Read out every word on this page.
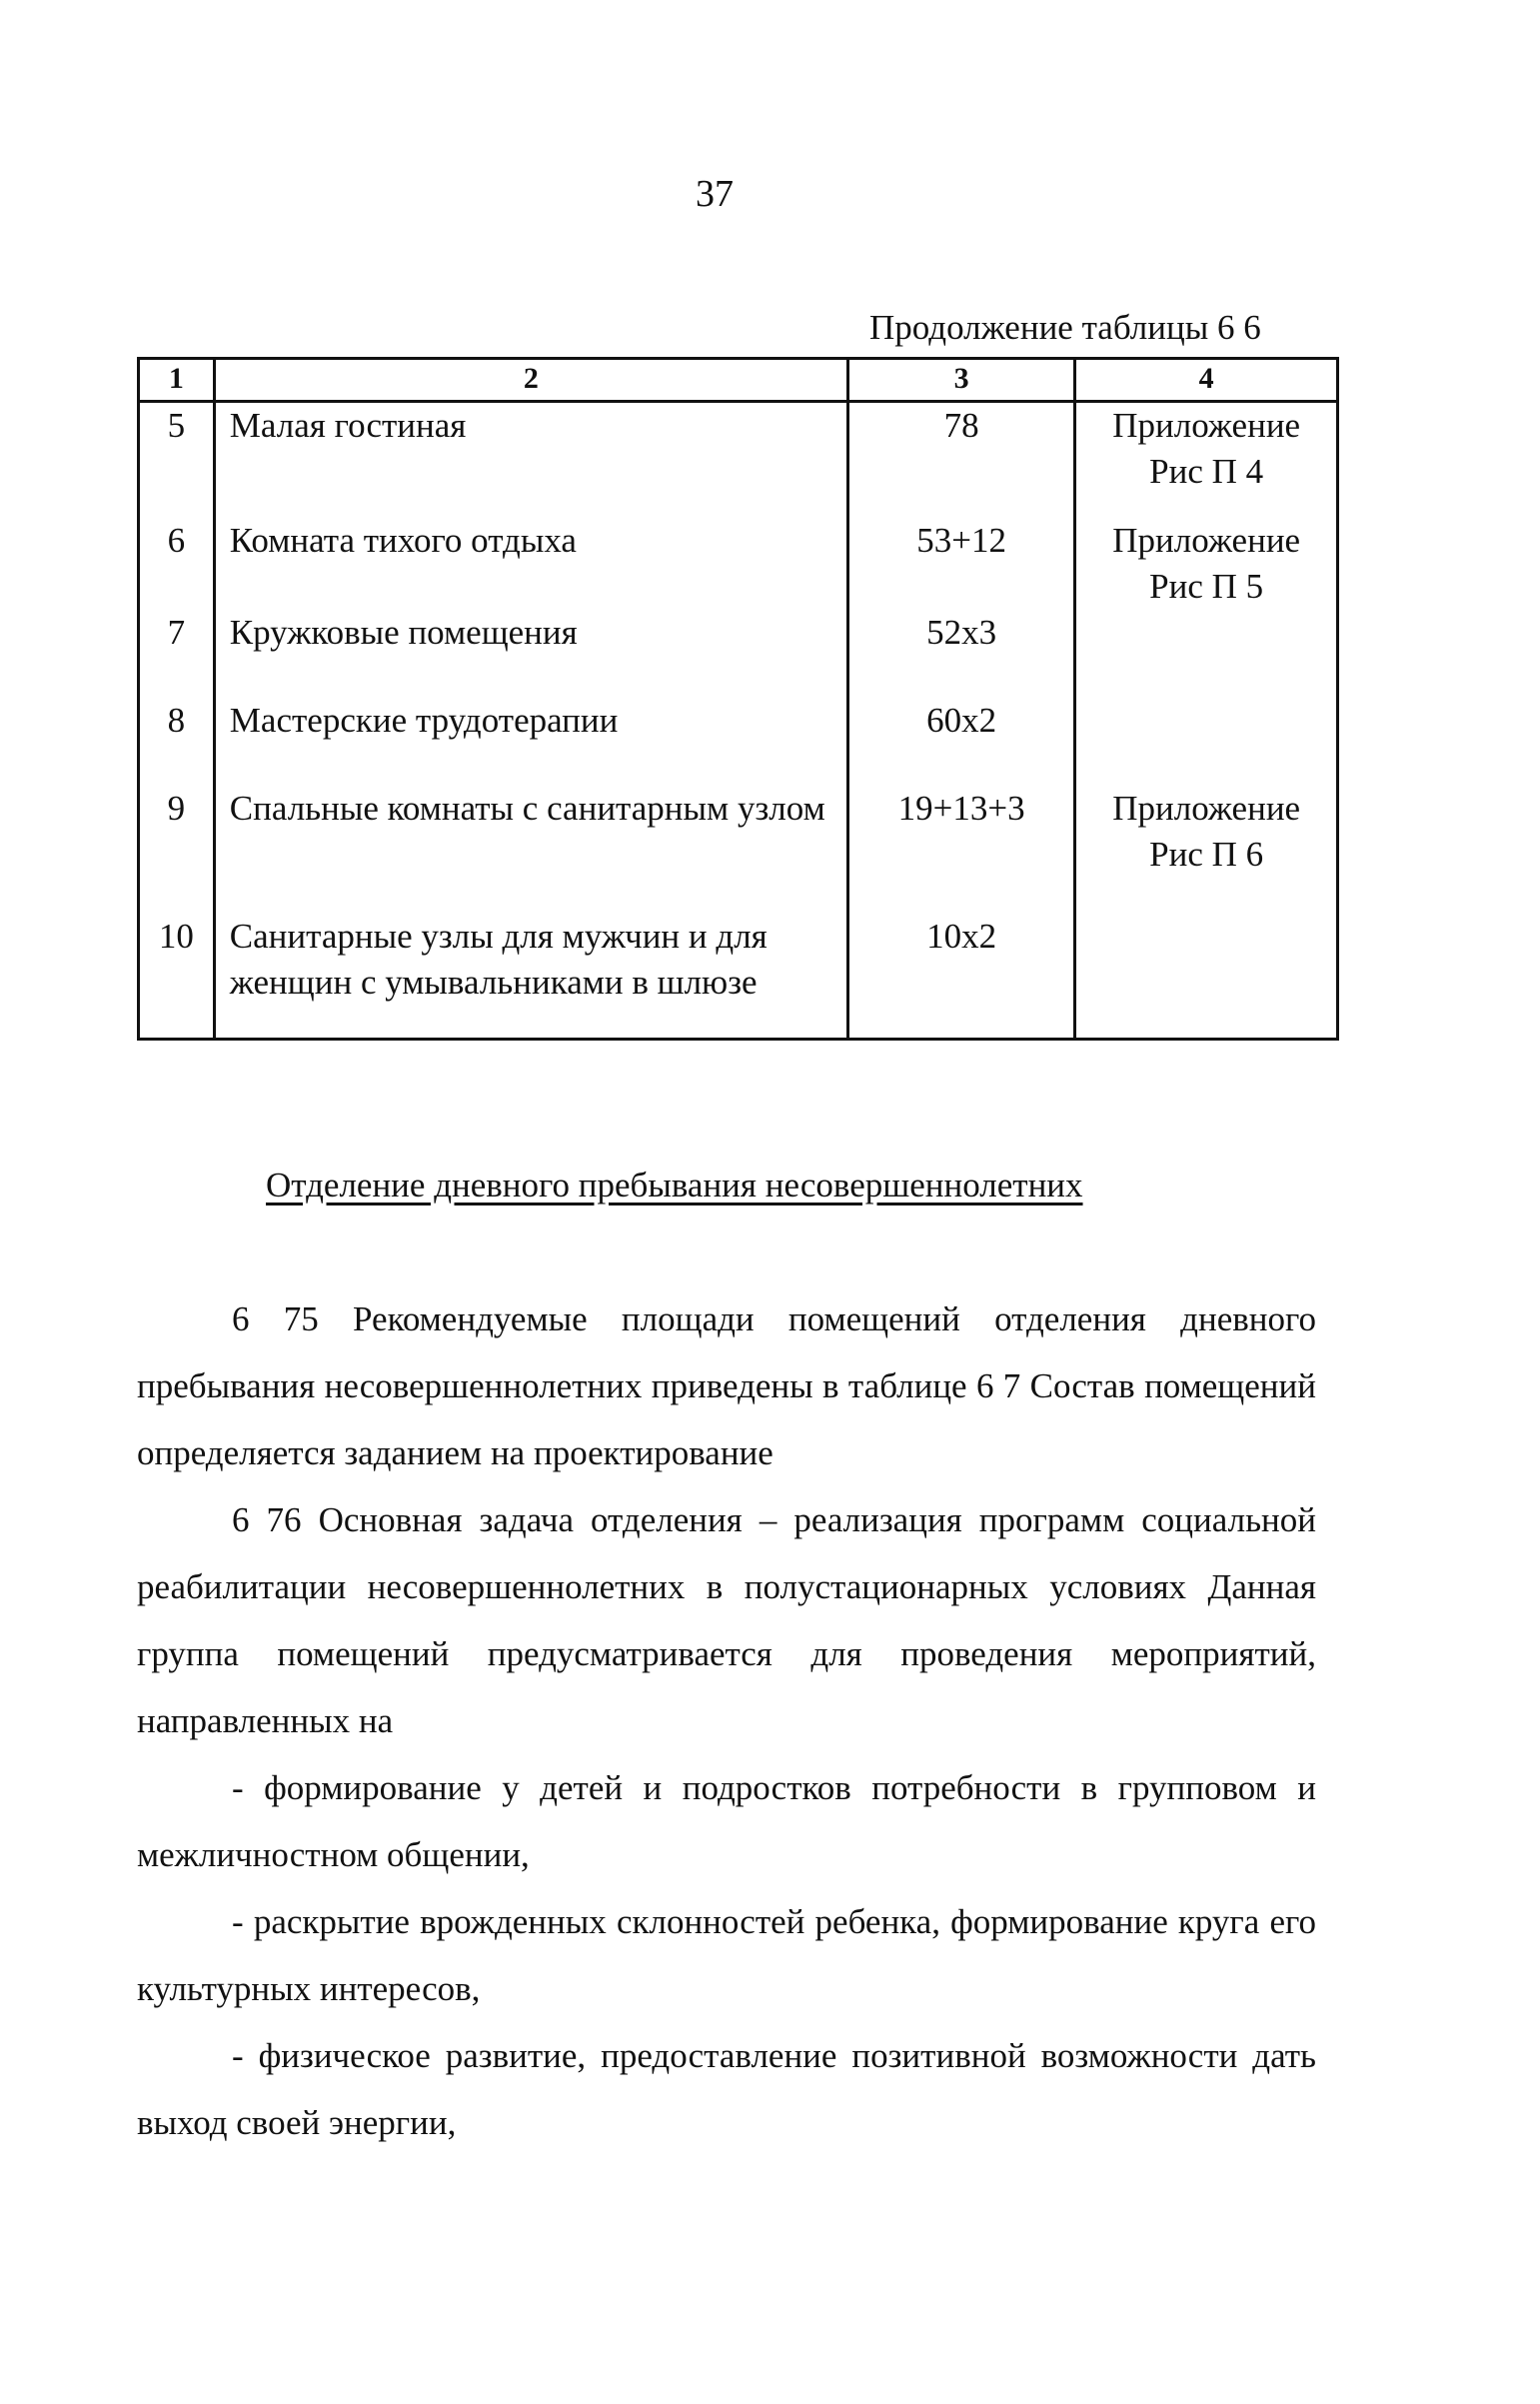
37
Продолжение таблицы 6 6
1	2	3	4
5	Малая гостиная	78	Приложение
Рис П 4

6	Комната тихого отдыха	53+12	Приложение
Рис П 5

7	Кружковые помещения	52x3	
8	Мастерские трудотерапии	60x2	
9	Спальные комнаты с санитарным узлом	19+13+3	Приложение
Рис П 6

10	Санитарные узлы для мужчин и для женщин с умывальниками в шлюзе	10x2	
Отделение дневного пребывания несовершеннолетних

6 75 Рекомендуемые площади помещений отделения дневного пребывания несовершеннолетних приведены в таблице 6 7 Состав помещений определяется заданием на проектирование

6 76 Основная задача отделения – реализация программ социальной реабилитации несовершеннолетних в полустационарных условиях Данная группа помещений предусматривается для проведения мероприятий, направленных на

- формирование у детей и подростков потребности в групповом и межличностном общении,

- раскрытие врожденных склонностей ребенка, формирование круга его культурных интересов,

- физическое развитие, предоставление позитивной возможности дать выход своей энергии,
